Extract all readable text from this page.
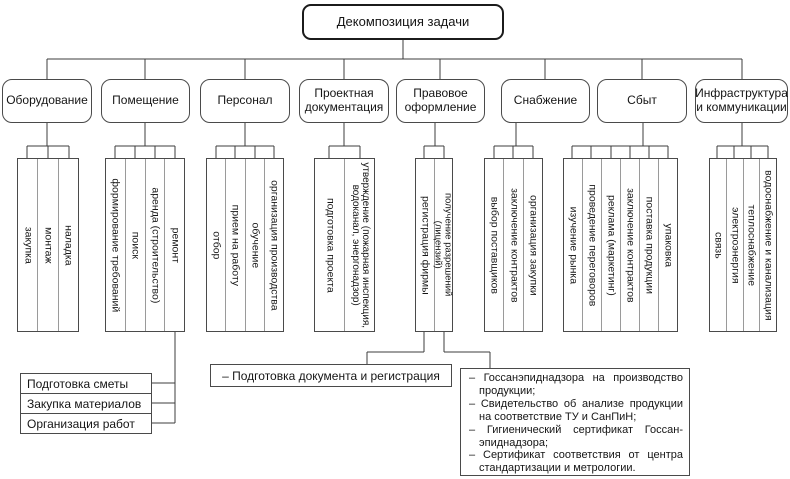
Декомпозиция задачи
Оборудование	Помещение	Персонал	Проектная документация
Правовое оформление	Снабжение	Сбыт	Инфраструктура и коммуникации
закупка монтаж наладка	формирование требований поиск аренда (строительство) ремонт	отбор прием на работу обучение организация производства	подготовка проекта	утверждение (пожарная инспекция, водоканал, энергонадзор)	регистрация фирмы	получение разрешений (лицензий)	выбор поставщиков заключение контрактов организация закупки	изучение рынка проведение переговоров реклама (маркетинг) заключение контрактов поставка продукции упаковка	связь электроэнергия теплоснабжение водоснабжение и канализация
Подготовка сметы
Закупка материалов
Организация работ
– Подготовка документа и регистрация	– Госсанэпиднадзора на производство продукции;

– Свидетельство об анализе продукции на соответствие ТУ и СанПиН;

– Гигиенический сертификат Госсан-эпиднадзора;

– Сертификат соответствия от центра стандартизации и метрологии.
